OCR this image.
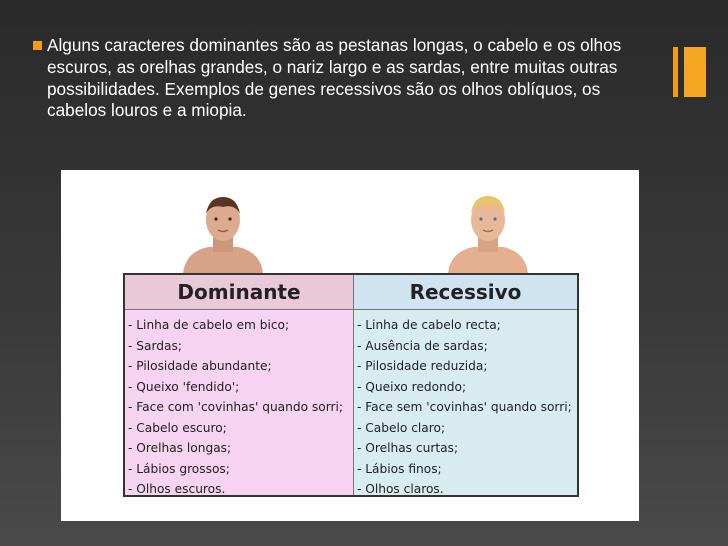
Alguns caracteres dominantes são as pestanas longas, o cabelo e os olhos escuros, as orelhas grandes, o nariz largo e as sardas, entre muitas outras possibilidades. Exemplos de genes recessivos são os olhos oblíquos, os cabelos louros e a miopia.
Dominante
- Linha de cabelo em bico;
- Sardas;
- Pilosidade abundante;
- Queixo 'fendido';
- Face com 'covinhas' quando sorri;
- Cabelo escuro;
- Orelhas longas;
- Lábios grossos;
- Olhos escuros.
Recessivo
- Linha de cabelo recta;
- Ausência de sardas;
- Pilosidade reduzida;
- Queixo redondo;
- Face sem 'covinhas' quando sorri;
- Cabelo claro;
- Orelhas curtas;
- Lábios finos;
- Olhos claros.
